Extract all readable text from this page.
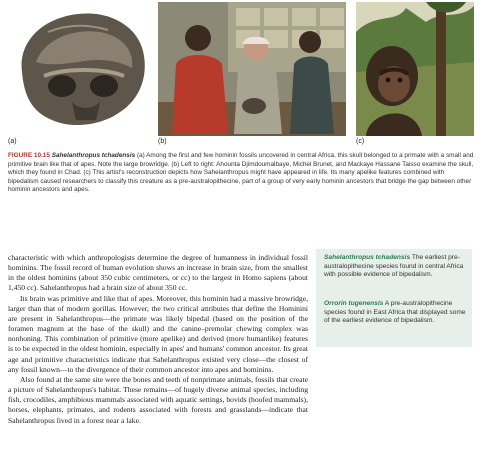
(a)	(b)	(c)
FIGURE 10.15 Sahelanthropus tchadensis (a) Among the first and few hominin fossils uncovered in central Africa, this skull belonged to a primate with a small and primitive brain like that of apes. Note the large browridge. (b) Left to right: Ahounta Djimdoumalbaye, Michel Brunet, and Mackaye Hassane Taisso examine the skull, which they found in Chad. (c) This artist's reconstruction depicts how Sahelanthropus might have appeared in life. Its many apelike features combined with bipedalism caused researchers to classify this creature as a pre-australopithecine, part of a group of very early hominin ancestors that bridge the gap between other hominin ancestors and apes.

characteristic with which anthropologists determine the degree of humanness in individual fossil hominins. The fossil record of human evolution shows an increase in brain size, from the smallest in the oldest hominins (about 350 cubic centimeters, or cc) to the largest in Homo sapiens (about 1,450 cc). Sahelanthropus had a brain size of about 350 cc.

Its brain was primitive and like that of apes. Moreover, this hominin had a massive browridge, larger than that of modern gorillas. However, the two critical attributes that define the Hominini are present in Sahelanthropus—the primate was likely bipedal (based on the position of the foramen magnum at the base of the skull) and the canine–premolar chewing complex was nonhoning. This combination of primitive (more apelike) and derived (more humanlike) features is to be expected in the oldest hominin, especially in apes' and humans' common ancestor. Its great age and primitive characteristics indicate that Sahelanthropus existed very close—the closest of any fossil known—to the divergence of their common ancestor into apes and hominins.

Also found at the same site were the bones and teeth of nonprimate animals, fossils that create a picture of Sahelanthropus's habitat. These remains—of hugely diverse animal species, including fish, crocodiles, amphibious mammals associated with aquatic settings, bovids (hoofed mammals), horses, elephants, primates, and rodents associated with forests and grasslands—indicate that Sahelanthropus lived in a forest near a lake.

Sahelanthropus tchadensis The earliest pre-australopithecine species found in central Africa with possible evidence of bipedalism.
Orrorin tugenensis A pre-australopithecine species found in East Africa that displayed some of the earliest evidence of bipedalism.
